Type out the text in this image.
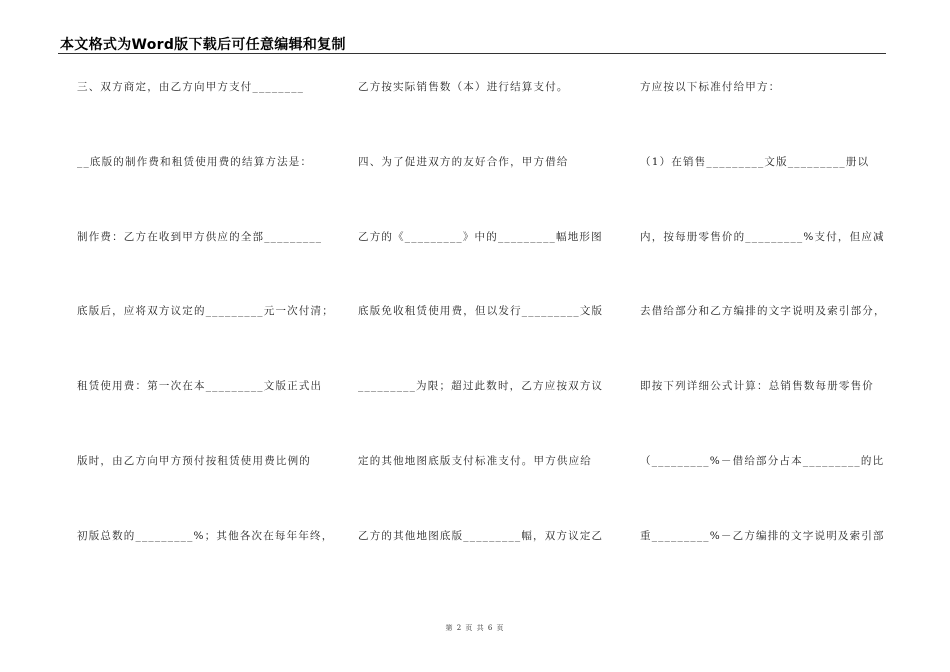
本文格式为Word版下载后可任意编辑和复制
三、双方商定，由乙方向甲方支付________
__底版的制作费和租赁使用费的结算方法是：
制作费：乙方在收到甲方供应的全部_________
底版后，应将双方议定的_________元一次付清；
租赁使用费：第一次在本_________文版正式出
版时，由乙方向甲方预付按租赁使用费比例的
初版总数的_________%；其他各次在每年年终，
乙方按实际销售数（本）进行结算支付。
四、为了促进双方的友好合作，甲方借给
乙方的《_________》中的_________幅地形图
底版免收租赁使用费，但以发行_________文版
_________为限；超过此数时，乙方应按双方议
定的其他地图底版支付标准支付。甲方供应给
乙方的其他地图底版_________幅，双方议定乙
方应按以下标准付给甲方：
（1）在销售_________文版_________册以
内，按每册零售价的_________%支付，但应减
去借给部分和乙方编排的文字说明及索引部分，
即按下列详细公式计算：总销售数每册零售价
（_________%－借给部分占本_________的比
重_________%－乙方编排的文字说明及索引部
第 2 页 共 6 页
